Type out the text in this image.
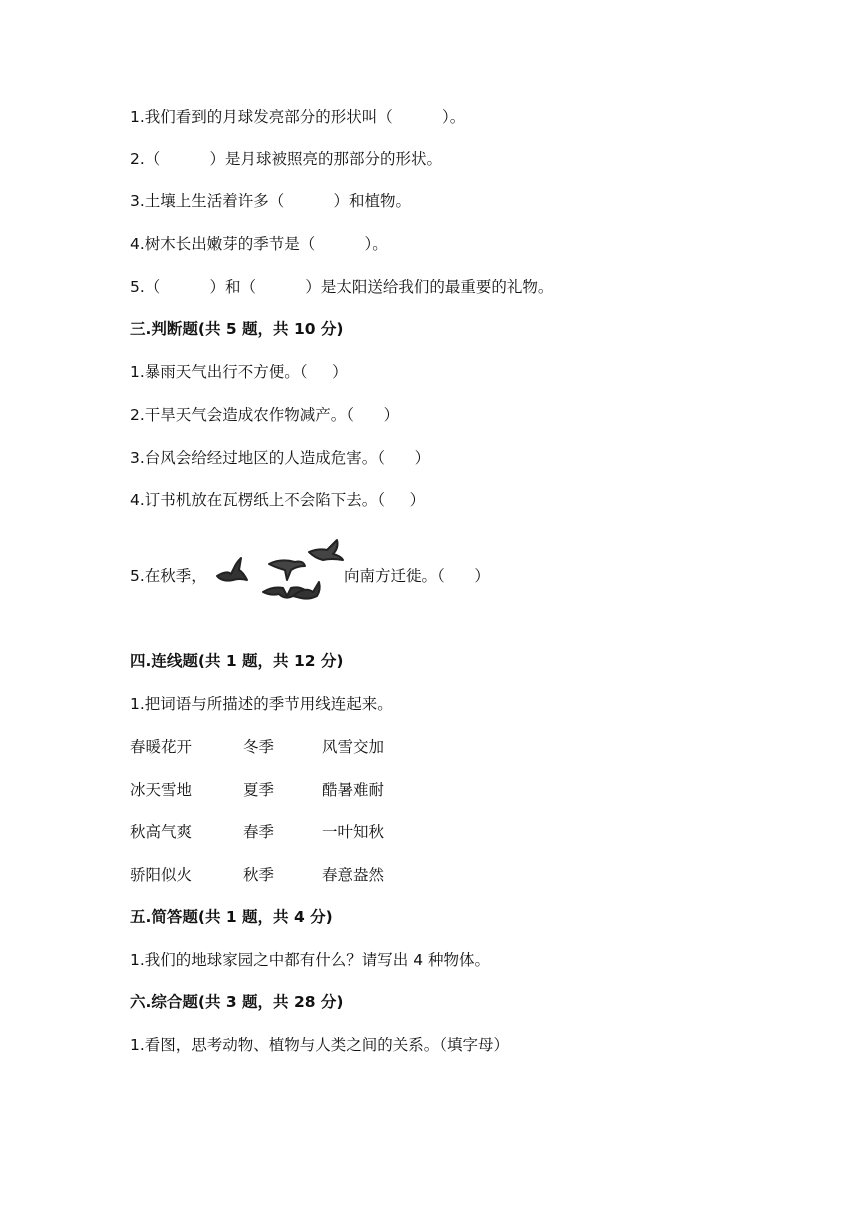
1.我们看到的月球发亮部分的形状叫（          ）。
2.（          ）是月球被照亮的那部分的形状。
3.土壤上生活着许多（          ）和植物。
4.树木长出嫩芽的季节是（          ）。
5.（          ）和（          ）是太阳送给我们的最重要的礼物。
三.判断题(共 5 题，共 10 分)
1.暴雨天气出行不方便。（     ）
2.干旱天气会造成农作物减产。（      ）
3.台风会给经过地区的人造成危害。（      ）
4.订书机放在瓦楞纸上不会陷下去。（     ）
5.在秋季，	向南方迁徙。（      ）
四.连线题(共 1 题，共 12 分)
1.把词语与所描述的季节用线连起来。
春暖花开	冬季	风雪交加
冰天雪地	夏季	酷暑难耐
秋高气爽	春季	一叶知秋
骄阳似火	秋季	春意盎然
五.简答题(共 1 题，共 4 分)
1.我们的地球家园之中都有什么？请写出 4 种物体。
六.综合题(共 3 题，共 28 分)
1.看图，思考动物、植物与人类之间的关系。（填字母）
